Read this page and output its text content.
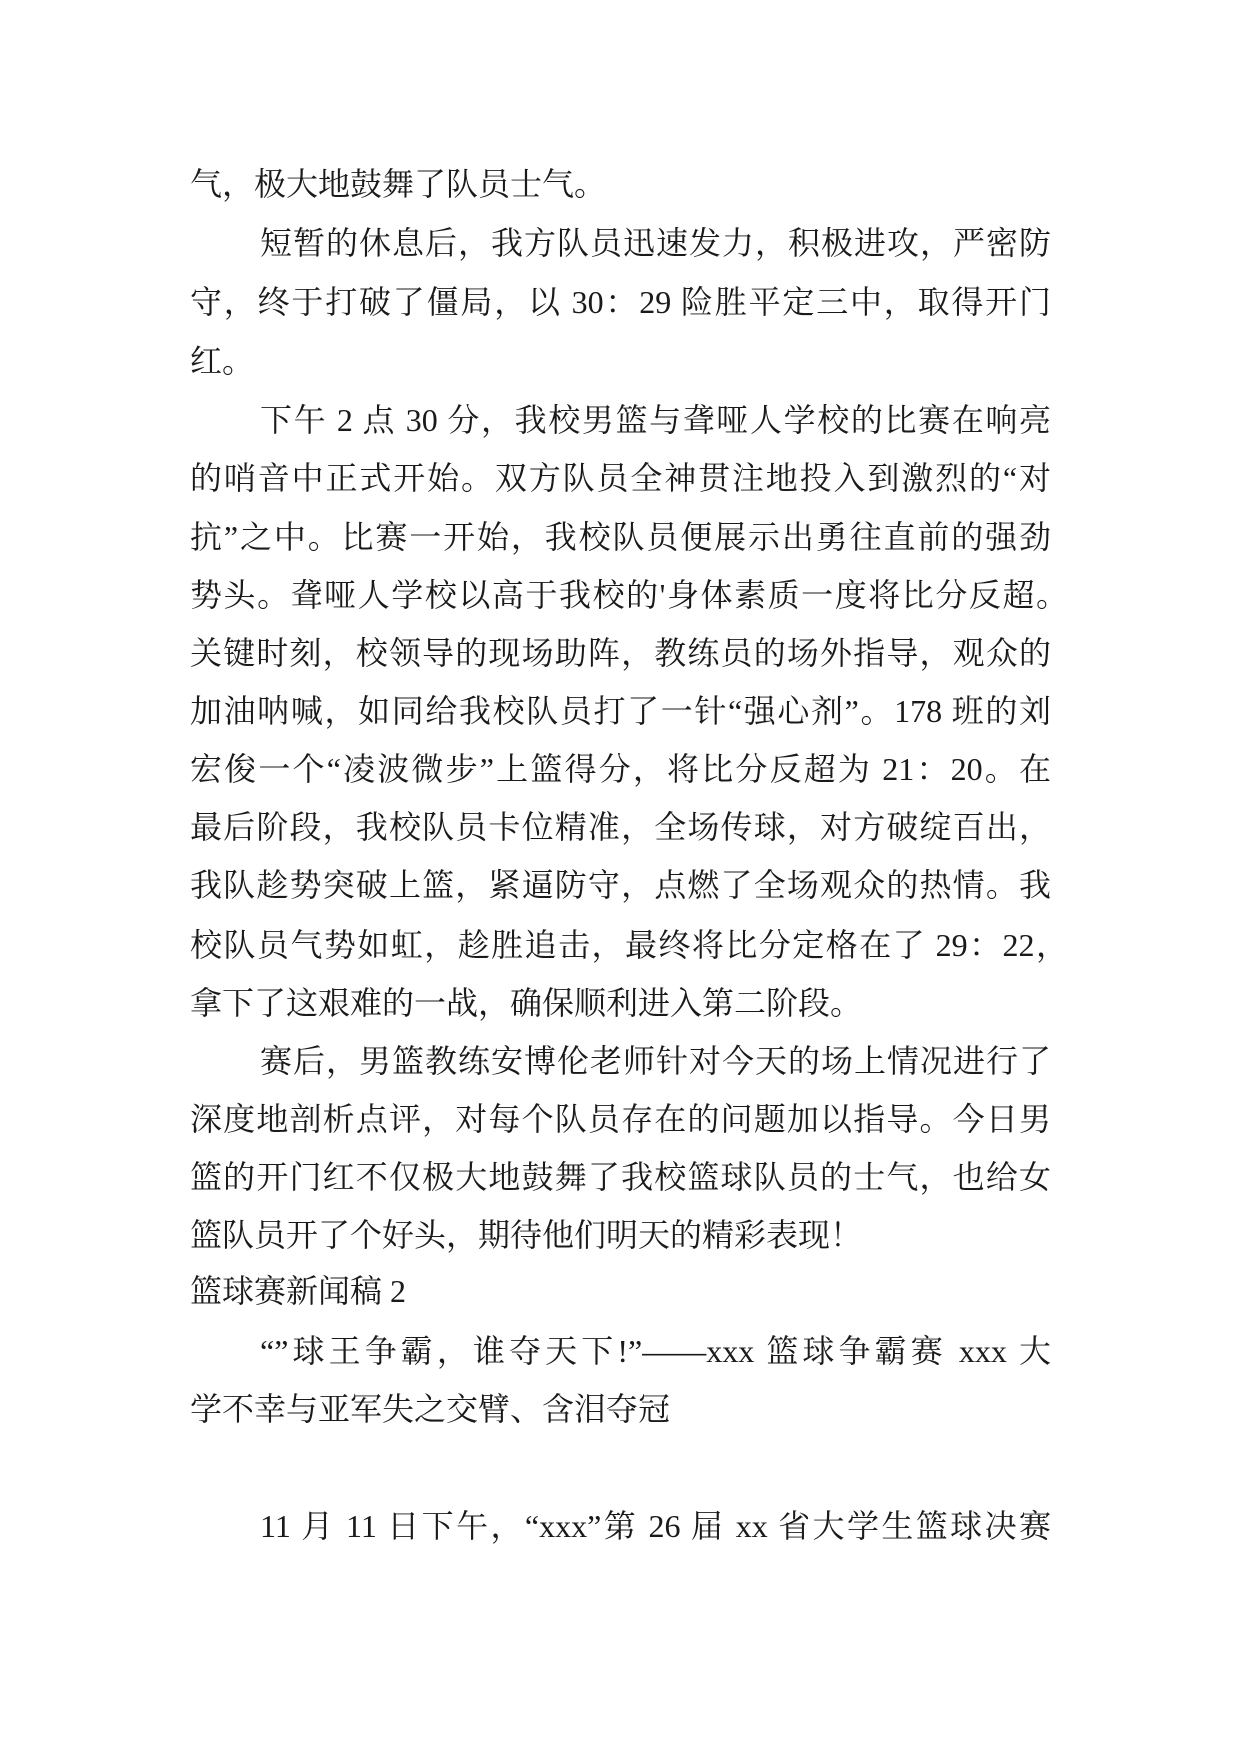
气，极大地鼓舞了队员士气。
短暂的休息后，我方队员迅速发力，积极进攻，严密防
守，终于打破了僵局，以 30：29 险胜平定三中，取得开门
红。
下午 2 点 30 分，我校男篮与聋哑人学校的比赛在响亮
的哨音中正式开始。双方队员全神贯注地投入到激烈的“对
抗”之中。比赛一开始，我校队员便展示出勇往直前的强劲
势头。聋哑人学校以高于我校的'身体素质一度将比分反超。
关键时刻，校领导的现场助阵，教练员的场外指导，观众的
加油呐喊，如同给我校队员打了一针“强心剂”。178 班的刘
宏俊一个“凌波微步”上篮得分，将比分反超为 21：20。在
最后阶段，我校队员卡位精准，全场传球，对方破绽百出，
我队趁势突破上篮，紧逼防守，点燃了全场观众的热情。我
校队员气势如虹，趁胜追击，最终将比分定格在了 29：22，
拿下了这艰难的一战，确保顺利进入第二阶段。
赛后，男篮教练安博伦老师针对今天的场上情况进行了
深度地剖析点评，对每个队员存在的问题加以指导。今日男
篮的开门红不仅极大地鼓舞了我校篮球队员的士气，也给女
篮队员开了个好头，期待他们明天的精彩表现！
篮球赛新闻稿 2
“”球王争霸，谁夺天下!”——xxx 篮球争霸赛 xxx 大
学不幸与亚军失之交臂、含泪夺冠
11 月 11 日下午，“xxx”第 26 届 xx 省大学生篮球决赛
